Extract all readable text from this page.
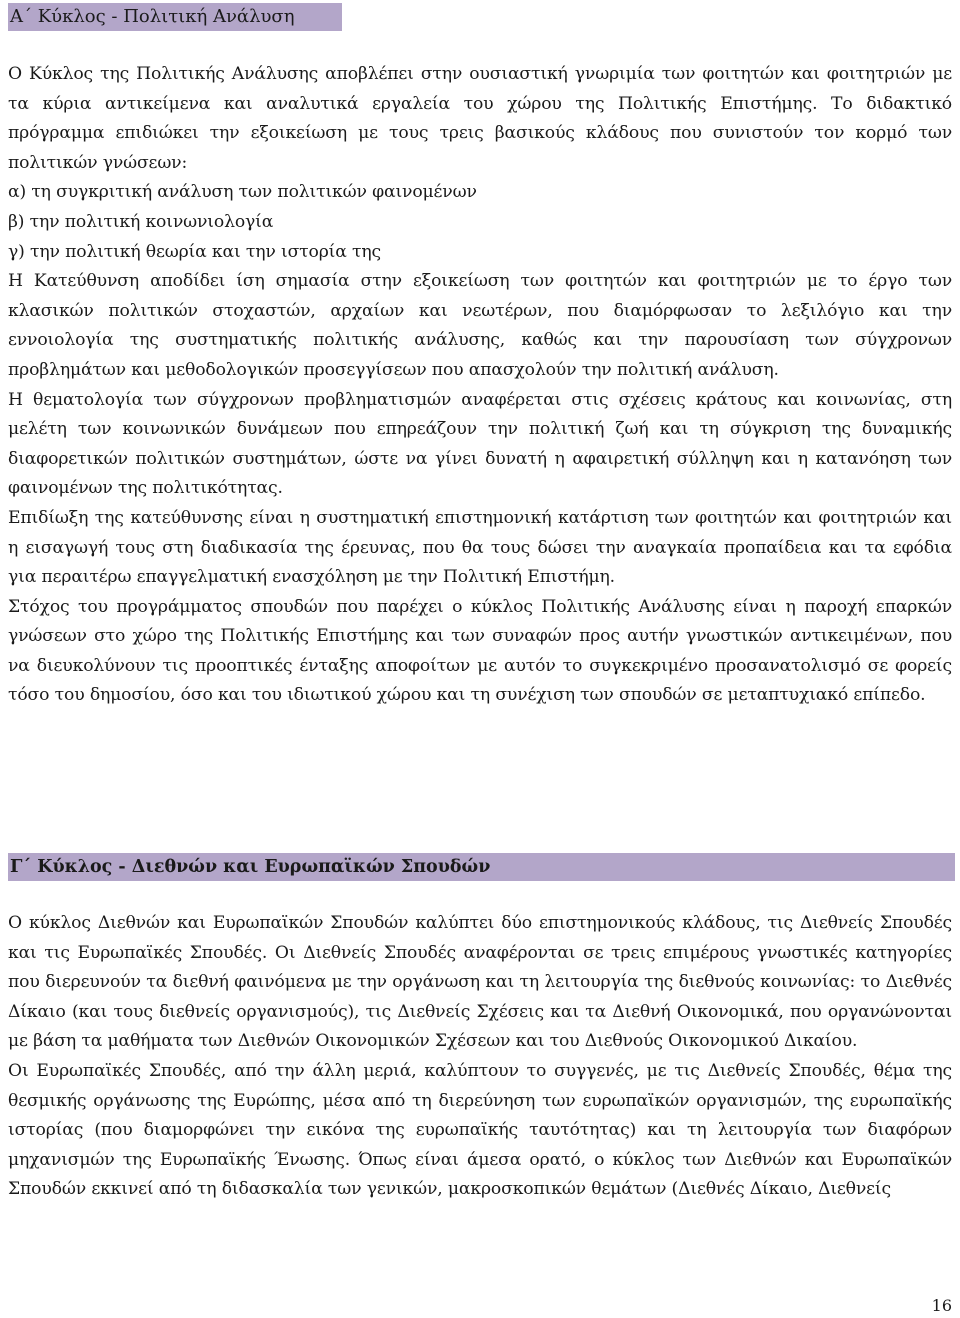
Α΄ Κύκλος - Πολιτική Ανάλυση

Ο Κύκλος της Πολιτικής Ανάλυσης αποβλέπει στην ουσιαστική γνωριμία των φοιτητών και φοιτητριών με τα κύρια αντικείμενα και αναλυτικά εργαλεία του χώρου της Πολιτικής Επιστήμης. Το διδακτικό πρόγραμμα επιδιώκει την εξοικείωση με τους τρεις βασικούς κλάδους που συνιστούν τον κορμό των πολιτικών γνώσεων:

α) τη συγκριτική ανάλυση των πολιτικών φαινομένων

β) την πολιτική κοινωνιολογία

γ) την πολιτική θεωρία και την ιστορία της

Η Κατεύθυνση αποδίδει ίση σημασία στην εξοικείωση των φοιτητών και φοιτητριών με το έργο των κλασικών πολιτικών στοχαστών, αρχαίων και νεωτέρων, που διαμόρφωσαν το λεξιλόγιο και την εννοιολογία της συστηματικής πολιτικής ανάλυσης, καθώς και την παρουσίαση των σύγχρονων προβλημάτων και μεθοδολογικών προσεγγίσεων που απασχολούν την πολιτική ανάλυση.

Η θεματολογία των σύγχρονων προβληματισμών αναφέρεται στις σχέσεις κράτους και κοινωνίας, στη μελέτη των κοινωνικών δυνάμεων που επηρεάζουν την πολιτική ζωή και τη σύγκριση της δυναμικής διαφορετικών πολιτικών συστημάτων, ώστε να γίνει δυνατή η αφαιρετική σύλληψη και η κατανόηση των φαινομένων της πολιτικότητας.

Επιδίωξη της κατεύθυνσης είναι η συστηματική επιστημονική κατάρτιση των φοιτητών και φοιτητριών και η εισαγωγή τους στη διαδικασία της έρευνας, που θα τους δώσει την αναγκαία προπαίδεια και τα εφόδια για περαιτέρω επαγγελματική ενασχόληση με την Πολιτική Επιστήμη.

Στόχος του προγράμματος σπουδών που παρέχει ο κύκλος Πολιτικής Ανάλυσης είναι η παροχή επαρκών γνώσεων στο χώρο της Πολιτικής Επιστήμης και των συναφών προς αυτήν γνωστικών αντικειμένων, που να διευκολύνουν τις προοπτικές ένταξης αποφοίτων με αυτόν το συγκεκριμένο προσανατολισμό σε φορείς τόσο του δημοσίου, όσο και του ιδιωτικού χώρου και τη συνέχιση των σπουδών σε μεταπτυχιακό επίπεδο.

Γ΄ Κύκλος - Διεθνών και Ευρωπαϊκών Σπουδών

Ο κύκλος Διεθνών και Ευρωπαϊκών Σπουδών καλύπτει δύο επιστημονικούς κλάδους, τις Διεθνείς Σπουδές και τις Ευρωπαϊκές Σπουδές. Οι Διεθνείς Σπουδές αναφέρονται σε τρεις επιμέρους γνωστικές κατηγορίες που διερευνούν τα διεθνή φαινόμενα με την οργάνωση και τη λειτουργία της διεθνούς κοινωνίας: το Διεθνές Δίκαιο (και τους διεθνείς οργανισμούς), τις Διεθνείς Σχέσεις και τα Διεθνή Οικονομικά, που οργανώνονται με βάση τα μαθήματα των Διεθνών Οικονομικών Σχέσεων και του Διεθνούς Οικονομικού Δικαίου.

Οι Ευρωπαϊκές Σπουδές, από την άλλη μεριά, καλύπτουν το συγγενές, με τις Διεθνείς Σπουδές, θέμα της θεσμικής οργάνωσης της Ευρώπης, μέσα από τη διερεύνηση των ευρωπαϊκών οργανισμών, της ευρωπαϊκής ιστορίας (που διαμορφώνει την εικόνα της ευρωπαϊκής ταυτότητας) και τη λειτουργία των διαφόρων μηχανισμών της Ευρωπαϊκής Ένωσης. Όπως είναι άμεσα ορατό, ο κύκλος των Διεθνών και Ευρωπαϊκών Σπουδών εκκινεί από τη διδασκαλία των γενικών, μακροσκοπικών θεμάτων (Διεθνές Δίκαιο, Διεθνείς

16
